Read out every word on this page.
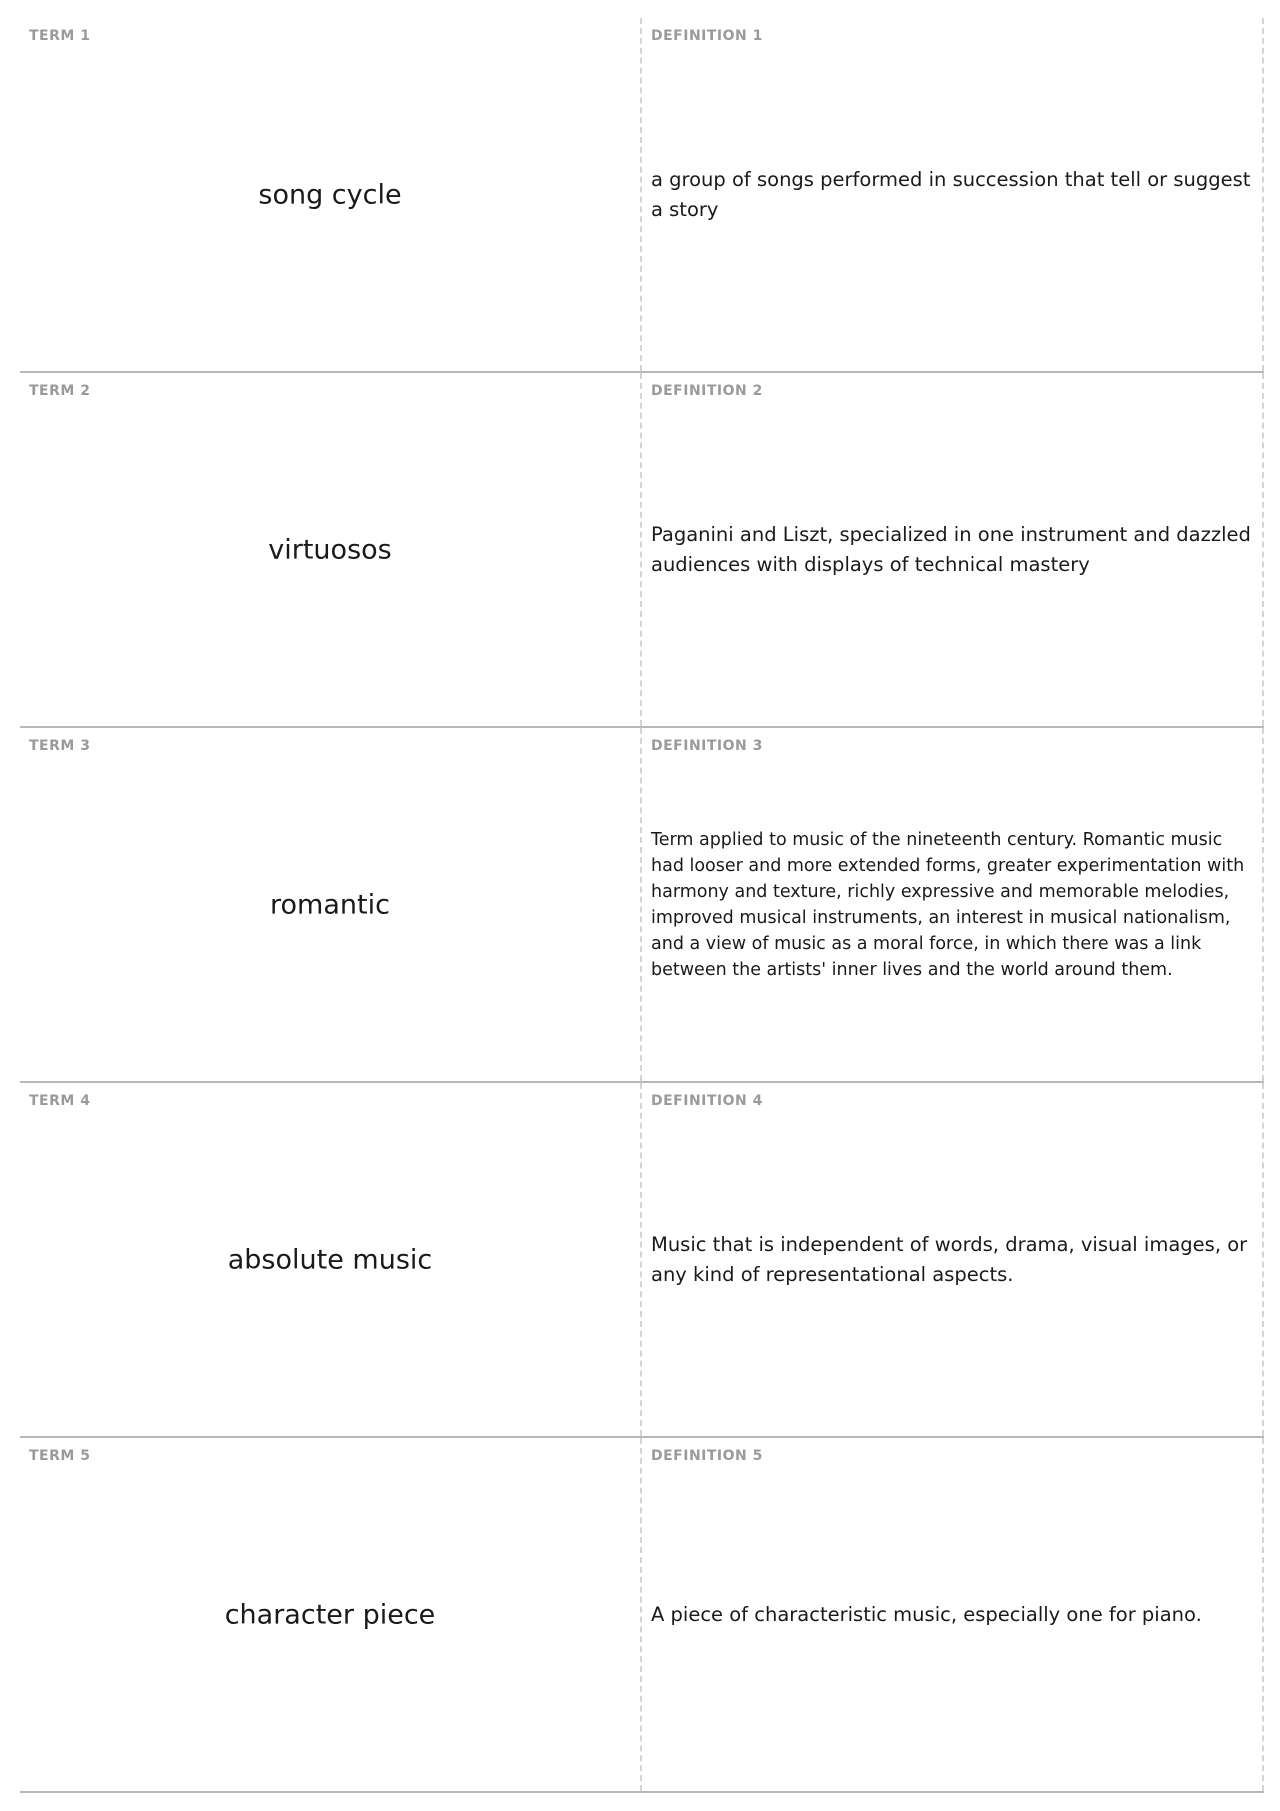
TERM 1
song cycle
DEFINITION 1
a group of songs performed in succession that tell or suggest a story
TERM 2
virtuosos
DEFINITION 2
Paganini and Liszt, specialized in one instrument and dazzled audiences with displays of technical mastery
TERM 3
romantic
DEFINITION 3
Term applied to music of the nineteenth century. Romantic music had looser and more extended forms, greater experimentation with harmony and texture, richly expressive and memorable melodies, improved musical instruments, an interest in musical nationalism, and a view of music as a moral force, in which there was a link between the artists' inner lives and the world around them.
TERM 4
absolute music
DEFINITION 4
Music that is independent of words, drama, visual images, or any kind of representational aspects.
TERM 5
character piece
DEFINITION 5
A piece of characteristic music, especially one for piano.
